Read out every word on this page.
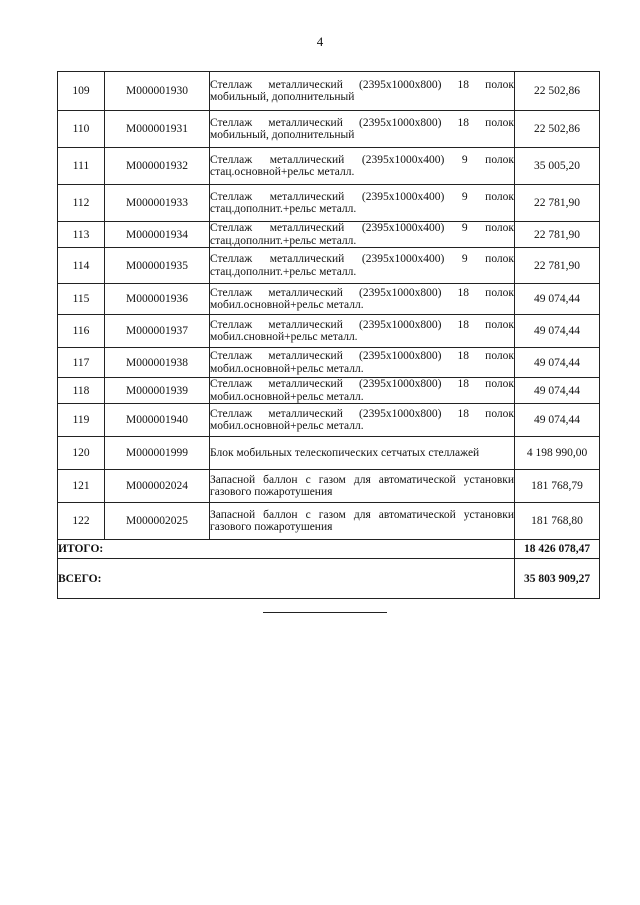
4
109	М000001930	Стеллаж металлический (2395x1000x800) 18 полок
мобильный, дополнительный	22 502,86
110	М000001931	Стеллаж металлический (2395x1000x800) 18 полок
мобильный, дополнительный	22 502,86
111	М000001932	Стеллаж металлический (2395x1000x400) 9 полок
стац.основной+рельс металл.	35 005,20
112	М000001933	Стеллаж металлический (2395x1000x400) 9 полок
стац.дополнит.+рельс металл.	22 781,90
113	М000001934	Стеллаж металлический (2395x1000x400) 9 полок
стац.дополнит.+рельс металл.	22 781,90
114	М000001935	Стеллаж металлический (2395x1000x400) 9 полок
стац.дополнит.+рельс металл.	22 781,90
115	М000001936	Стеллаж металлический (2395x1000x800) 18 полок
мобил.основной+рельс металл.	49 074,44
116	М000001937	Стеллаж металлический (2395x1000x800) 18 полок
мобил.сновной+рельс металл.	49 074,44
117	М000001938	Стеллаж металлический (2395x1000x800) 18 полок
мобил.основной+рельс металл.	49 074,44
118	М000001939	Стеллаж металлический (2395x1000x800) 18 полок
мобил.основной+рельс металл.	49 074,44
119	М000001940	Стеллаж металлический (2395x1000x800) 18 полок
мобил.основной+рельс металл.	49 074,44
120	М000001999	Блок мобильных телескопических сетчатых стеллажей	4 198 990,00
121	М000002024	Запасной баллон с газом для автоматической установки
газового пожаротушения	181 768,79
122	М000002025	Запасной баллон с газом для автоматической установки
газового пожаротушения	181 768,80
ИТОГО:			18 426 078,47
ВСЕГО:			35 803 909,27
